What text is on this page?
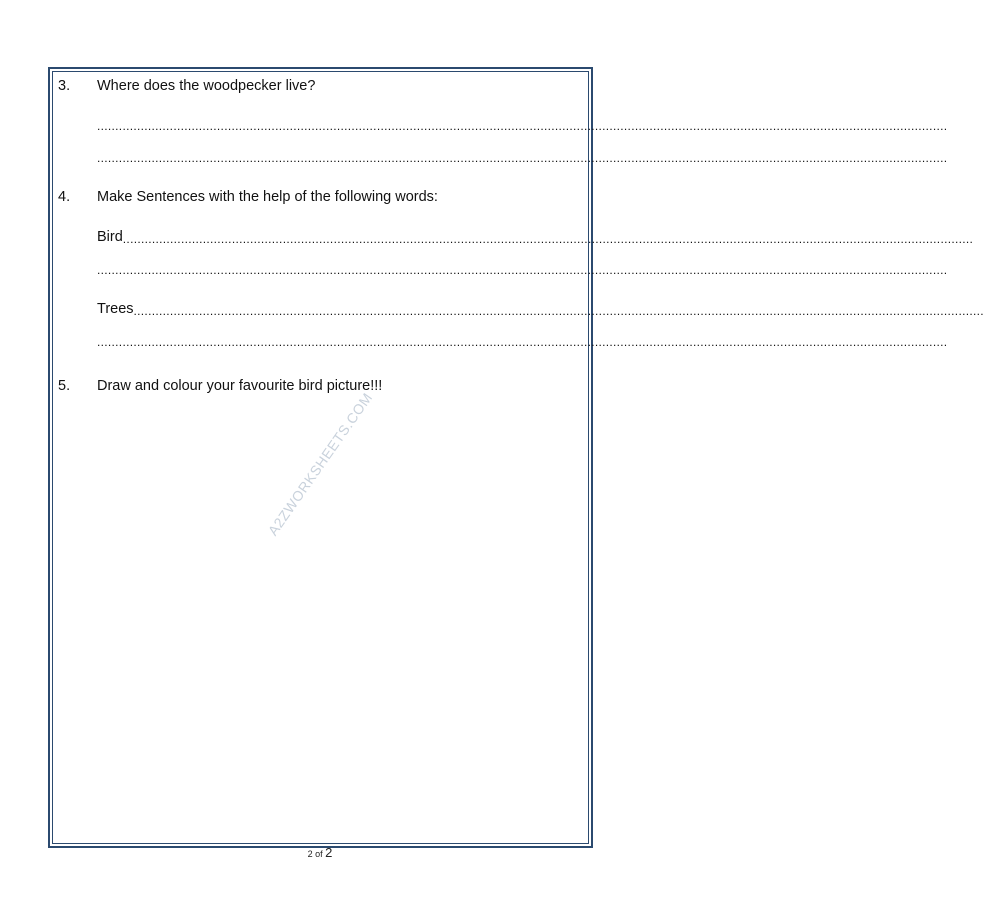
3. Where does the woodpecker live?
..........................................................................................................................................................................................................................................
..........................................................................................................................................................................................................................................
4. Make Sentences with the help of the following words:
Bird ..........................................................................................................................................................................................................................................
..........................................................................................................................................................................................................................................
Trees ..........................................................................................................................................................................................................................................
..........................................................................................................................................................................................................................................
5. Draw and colour your favourite bird picture!!!
A2ZWORKSHEETS.COM
2 of 2
